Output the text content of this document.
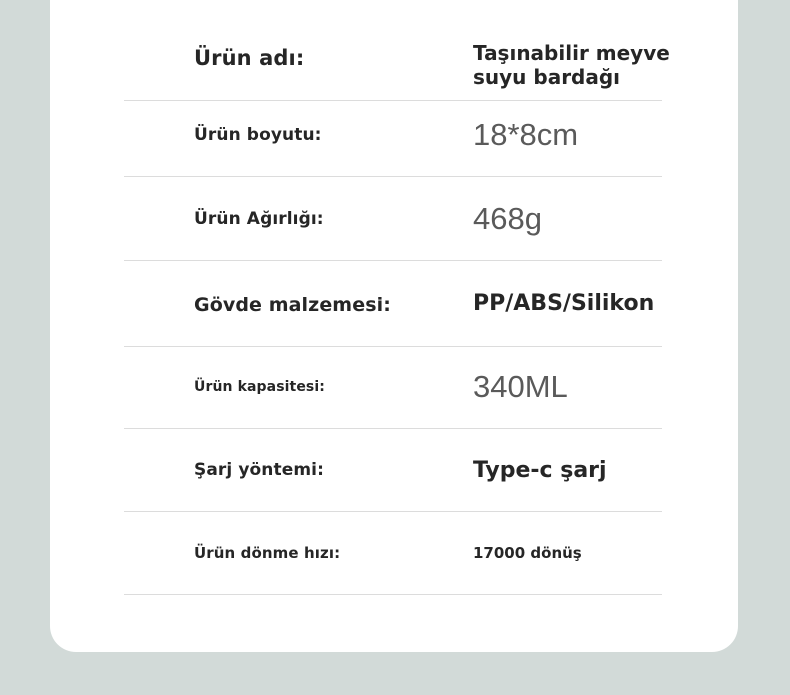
Ürün adı:	Taşınabilir meyve
suyu bardağı
Ürün boyutu:	18*8cm
Ürün Ağırlığı:	468g
Gövde malzemesi:	PP/ABS/Silikon
Ürün kapasitesi:	340ML
Şarj yöntemi:	Type-c şarj
Ürün dönme hızı:	17000 dönüş
